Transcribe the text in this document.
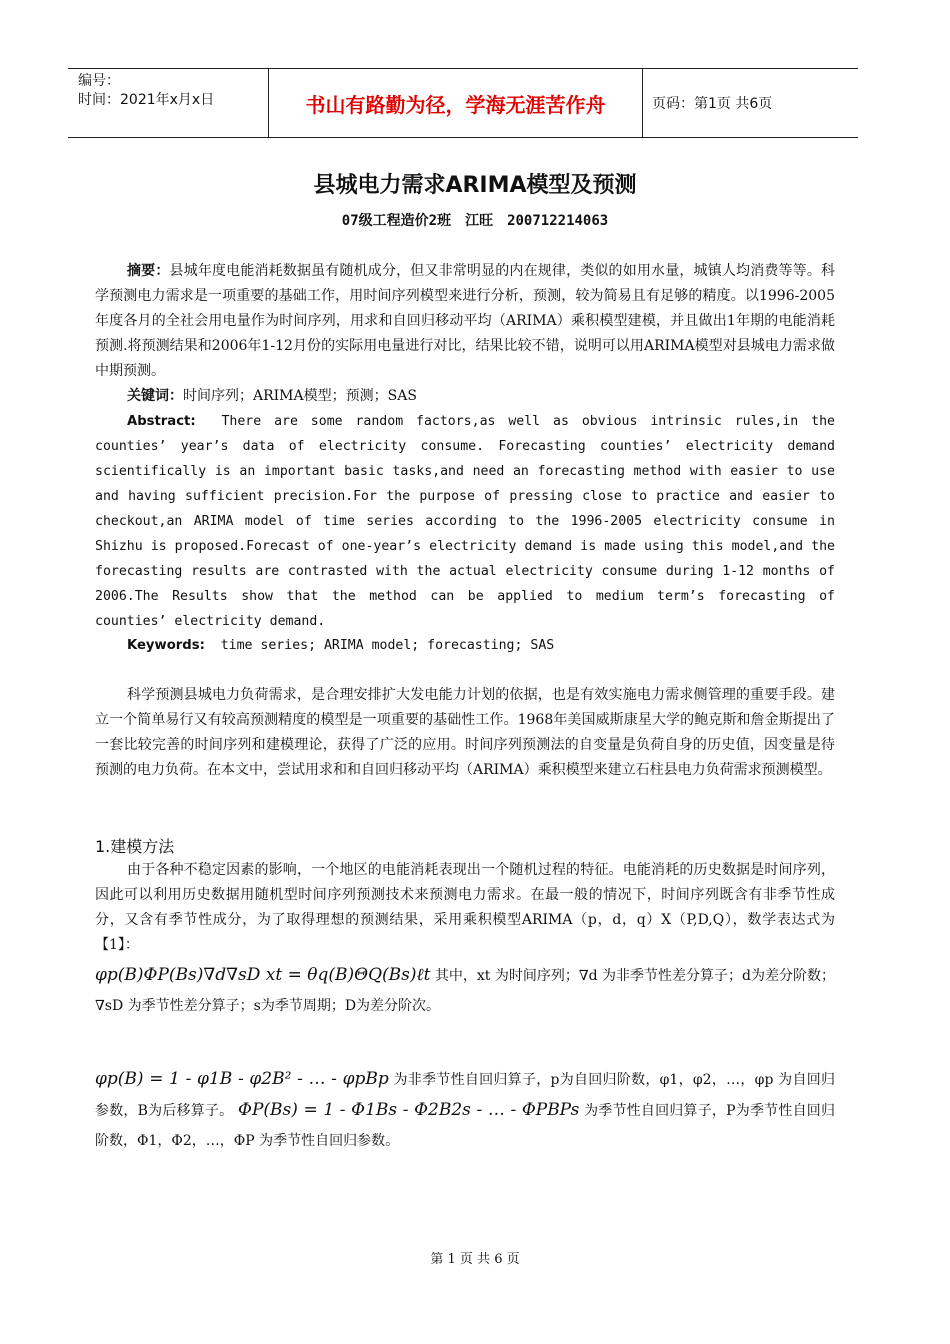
编号：
时间：2021年x月x日	书山有路勤为径，学海无涯苦作舟	页码：第1页 共6页
县城电力需求ARIMA模型及预测
07级工程造价2班　江旺　200712214063
摘要：县城年度电能消耗数据虽有随机成分，但又非常明显的内在规律，类似的如用水量，城镇人均消费等等。科学预测电力需求是一项重要的基础工作，用时间序列模型来进行分析，预测，较为简易且有足够的精度。以1996-2005年度各月的全社会用电量作为时间序列，用求和自回归移动平均（ARIMA）乘积模型建模，并且做出1年期的电能消耗预测.将预测结果和2006年1-12月份的实际用电量进行对比，结果比较不错，说明可以用ARIMA模型对县城电力需求做中期预测。
关键词：时间序列；ARIMA模型；预测；SAS
Abstract: There are some random factors,as well as obvious intrinsic rules,in the counties’ year’s data of electricity consume. Forecasting counties’ electricity demand scientifically is an important basic tasks,and need an forecasting method with easier to use and having sufficient precision.For the purpose of pressing close to practice and easier to checkout,an ARIMA model of time series according to the 1996-2005 electricity consume in Shizhu is proposed.Forecast of one-year’s electricity demand is made using this model,and the forecasting results are contrasted with the actual electricity consume during 1-12 months of 2006.The Results show that the method can be applied to medium term’s forecasting of counties’ electricity demand.
Keywords: time series; ARIMA model; forecasting; SAS
科学预测县城电力负荷需求，是合理安排扩大发电能力计划的依据，也是有效实施电力需求侧管理的重要手段。建立一个简单易行又有较高预测精度的模型是一项重要的基础性工作。1968年美国威斯康星大学的鲍克斯和詹金斯提出了一套比较完善的时间序列和建模理论，获得了广泛的应用。时间序列预测法的自变量是负荷自身的历史值，因变量是待预测的电力负荷。在本文中，尝试用求和和自回归移动平均（ARIMA）乘积模型来建立石柱县电力负荷需求预测模型。
1.建模方法
由于各种不稳定因素的影响，一个地区的电能消耗表现出一个随机过程的特征。电能消耗的历史数据是时间序列，因此可以利用历史数据用随机型时间序列预测技术来预测电力需求。在最一般的情况下，时间序列既含有非季节性成分，又含有季节性成分，为了取得理想的预测结果，采用乘积模型ARIMA（p，d，q）X（P,D,Q），数学表达式为【1】：
φp(B)ΦP(Bs)∇d∇sD xt = θq(B)ΘQ(Bs)ℓt 其中，xt 为时间序列；∇d 为非季节性差分算子；d为差分阶数；∇sD 为季节性差分算子；s为季节周期；D为差分阶次。
φp(B) = 1 - φ1B - φ2B² - … - φpBp 为非季节性自回归算子，p为自回归阶数，φ1，φ2，…，φp 为自回归参数，B为后移算子。 ΦP(Bs) = 1 - Φ1Bs - Φ2B2s - … - ΦPBPs 为季节性自回归算子，P为季节性自回归阶数，Φ1，Φ2，…，ΦP 为季节性自回归参数。
第 1 页 共 6 页
